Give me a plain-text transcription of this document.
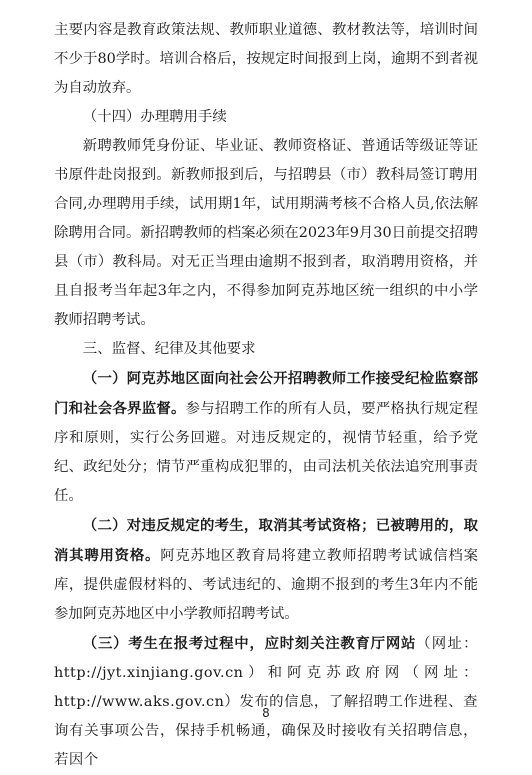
主要内容是教育政策法规、教师职业道德、教材教法等，培训时间不少于80学时。培训合格后，按规定时间报到上岗，逾期不到者视为自动放弃。

（十四）办理聘用手续

新聘教师凭身份证、毕业证、教师资格证、普通话等级证等证书原件赴岗报到。新教师报到后，与招聘县（市）教科局签订聘用合同,办理聘用手续，试用期1年，试用期满考核不合格人员,依法解除聘用合同。新招聘教师的档案必须在2023年9月30日前提交招聘县（市）教科局。对无正当理由逾期不报到者，取消聘用资格，并且自报考当年起3年之内，不得参加阿克苏地区统一组织的中小学教师招聘考试。

三、监督、纪律及其他要求

（一）阿克苏地区面向社会公开招聘教师工作接受纪检监察部门和社会各界监督。参与招聘工作的所有人员，要严格执行规定程序和原则，实行公务回避。对违反规定的，视情节轻重，给予党纪、政纪处分；情节严重构成犯罪的，由司法机关依法追究刑事责任。

（二）对违反规定的考生，取消其考试资格；已被聘用的，取消其聘用资格。阿克苏地区教育局将建立教师招聘考试诚信档案库，提供虚假材料的、考试违纪的、逾期不报到的考生3年内不能参加阿克苏地区中小学教师招聘考试。

（三）考生在报考过程中，应时刻关注教育厅网站（网址：http://jyt.xinjiang.gov.cn）和阿克苏政府网（网址：http://www.aks.gov.cn）发布的信息，了解招聘工作进程、查询有关事项公告，保持手机畅通，确保及时接收有关招聘信息，若因个

8
